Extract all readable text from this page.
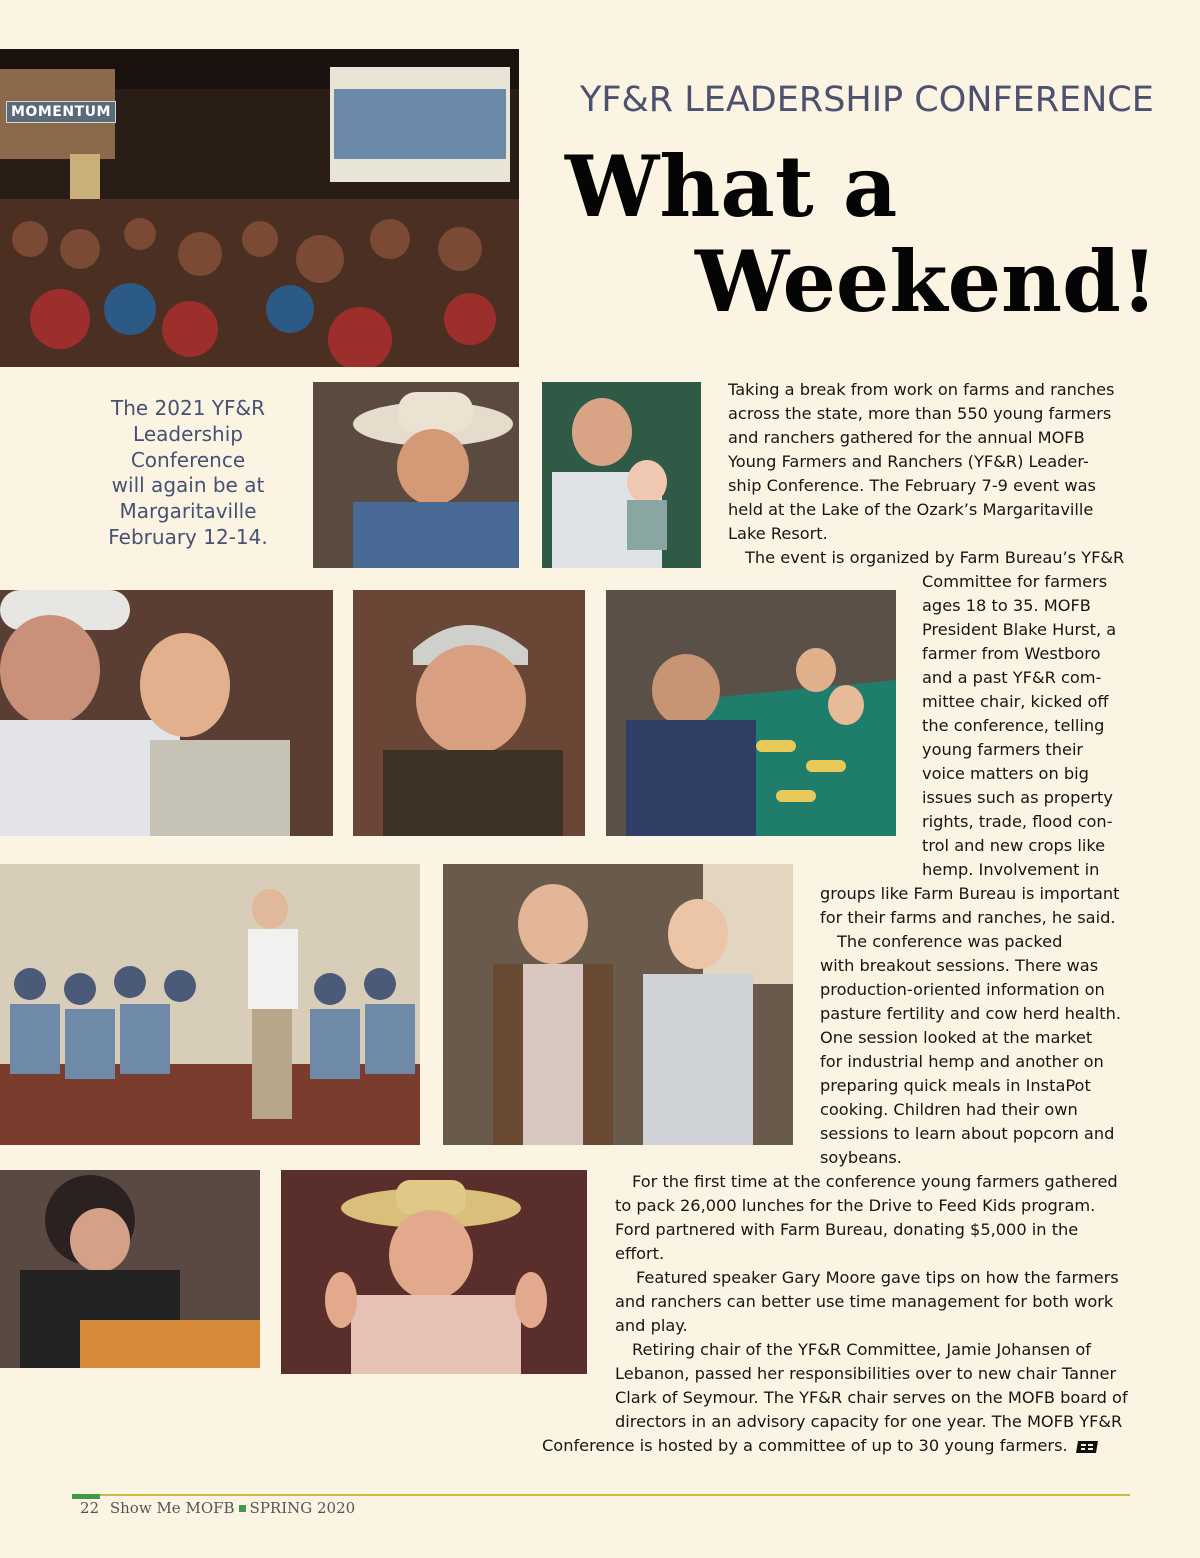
MOMENTUM	YF&R LEADERSHIP CONFERENCE
What a
Weekend!
The 2021 YF&R
Leadership
Conference
will again be at
Margaritaville
February 12-14.

Taking a break from work on farms and ranches

across the state, more than 550 young farmers

and ranchers gathered for the annual MOFB

Young Farmers and Ranchers (YF&R) Leader-

ship Conference. The February 7-9 event was

held at the Lake of the Ozark’s Margaritaville

Lake Resort.

The event is organized by Farm Bureau’s YF&R

Committee for farmers

ages 18 to 35. MOFB

President Blake Hurst, a

farmer from Westboro

and a past YF&R com-

mittee chair, kicked off

the conference, telling

young farmers their

voice matters on big

issues such as property

rights, trade, flood con-

trol and new crops like

hemp. Involvement in

groups like Farm Bureau is important

for their farms and ranches, he said.

The conference was packed

with breakout sessions. There was

production-oriented information on

pasture fertility and cow herd health.

One session looked at the market

for industrial hemp and another on

preparing quick meals in InstaPot

cooking. Children had their own

sessions to learn about popcorn and

soybeans.

For the first time at the conference young farmers gathered

to pack 26,000 lunches for the Drive to Feed Kids program.

Ford partnered with Farm Bureau, donating $5,000 in the

effort.

Featured speaker Gary Moore gave tips on how the farmers

and ranchers can better use time management for both work

and play.

Retiring chair of the YF&R Committee, Jamie Johansen of

Lebanon, passed her responsibilities over to new chair Tanner

Clark of Seymour. The YF&R chair serves on the MOFB board of

directors in an advisory capacity for one year. The MOFB YF&R

Conference is hosted by a committee of up to 30 young farmers.

22 Show Me MOFB SPRING 2020
